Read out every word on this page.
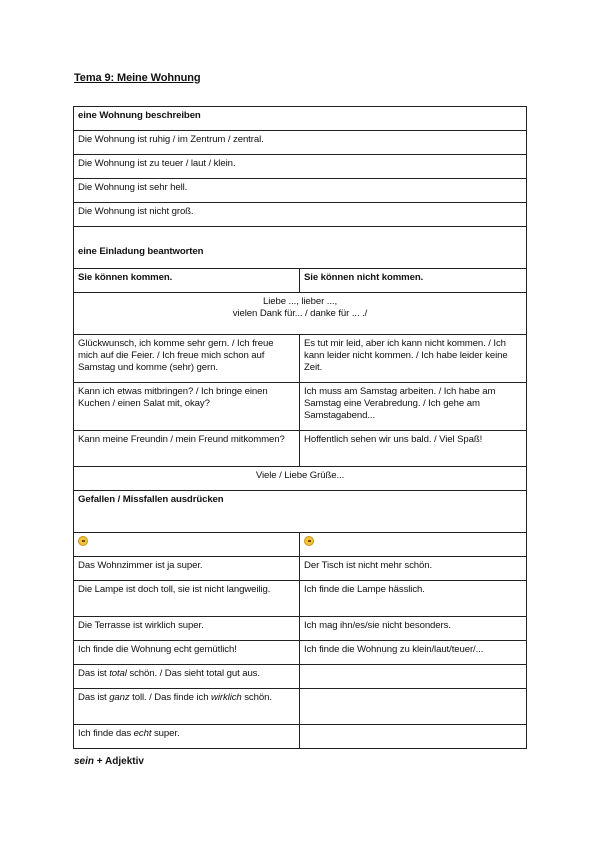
Tema 9: Meine Wohnung
eine Wohnung beschreiben	
Die Wohnung ist ruhig / im Zentrum / zentral.	
Die Wohnung ist zu teuer / laut / klein.	
Die Wohnung ist sehr hell.	
Die Wohnung ist nicht groß.	
eine Einladung beantworten	
Sie können kommen.	Sie können nicht kommen.

Liebe ..., lieber ...,
vielen Dank für... / danke für ... ./	

Glückwunsch, ich komme sehr gern. / Ich freue mich auf die Feier. / Ich freue mich schon auf Samstag und komme (sehr) gern.	Es tut mir leid, aber ich kann nicht kommen. / Ich kann leider nicht kommen. / Ich habe leider keine Zeit.
Kann ich etwas mitbringen? / Ich bringe einen Kuchen / einen Salat mit, okay?	Ich muss am Samstag arbeiten. / Ich habe am Samstag eine Verabredung. / Ich gehe am Samstagabend...
Kann meine Freundin / mein Freund mitkommen?	Hoffentlich sehen wir uns bald. / Viel Spaß!
Viele / Liebe Grüße...	
Gefallen / Missfallen ausdrücken	

Das Wohnzimmer ist ja super.	Der Tisch ist nicht mehr schön.
Die Lampe ist doch toll, sie ist nicht langweilig.	Ich finde die Lampe hässlich.
Die Terrasse ist wirklich super.	Ich mag ihn/es/sie nicht besonders.
Ich finde die Wohnung echt gemütlich!	Ich finde die Wohnung zu klein/laut/teuer/...
Das ist total schön. / Das sieht total gut aus.	
Das ist ganz toll. / Das finde ich wirklich schön.	
Ich finde das echt super.	
sein + Adjektiv
